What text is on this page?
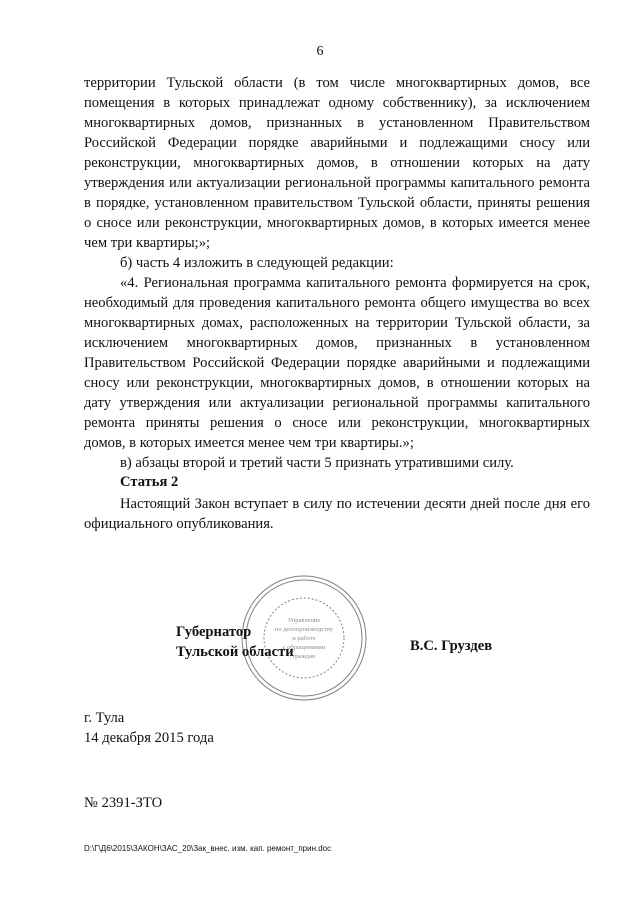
6

территории Тульской области (в том числе многоквартирных домов, все

помещения в которых принадлежат одному собственнику), за исключением

многоквартирных домов, признанных в установленном Правительством

Российской Федерации порядке аварийными и подлежащими сносу или

реконструкции, многоквартирных домов, в отношении которых на дату

утверждения или актуализации региональной программы капитального ремонта

в порядке, установленном правительством Тульской области, приняты решения

о сносе или реконструкции, многоквартирных домов, в которых имеется менее

чем три квартиры;»;

б) часть 4 изложить в следующей редакции:

«4. Региональная программа капитального ремонта формируется на срок,

необходимый для проведения капитального ремонта общего имущества во всех

многоквартирных домах, расположенных на территории Тульской области, за

исключением многоквартирных домов, признанных в установленном

Правительством Российской Федерации порядке аварийными и подлежащими

сносу или реконструкции, многоквартирных домов, в отношении которых на

дату утверждения или актуализации региональной программы капитального

ремонта приняты решения о сносе или реконструкции, многоквартирных

домов, в которых имеется менее чем три квартиры.»;

в) абзацы второй и третий части 5 признать утратившими силу.

Статья 2

Настоящий Закон вступает в силу по истечении десяти дней после дня его

официального опубликования.

Управление
по делопроизводству
и работе
с обращениями
граждан
Губернатор
Тульской области	В.С. Груздев
г. Тула
14 декабря 2015 года
№ 2391-ЗТО
D:\Г\Д6\2015\ЗАКОН\ЗАС_20\Зак_внес. изм. кап. ремонт_прин.doc
